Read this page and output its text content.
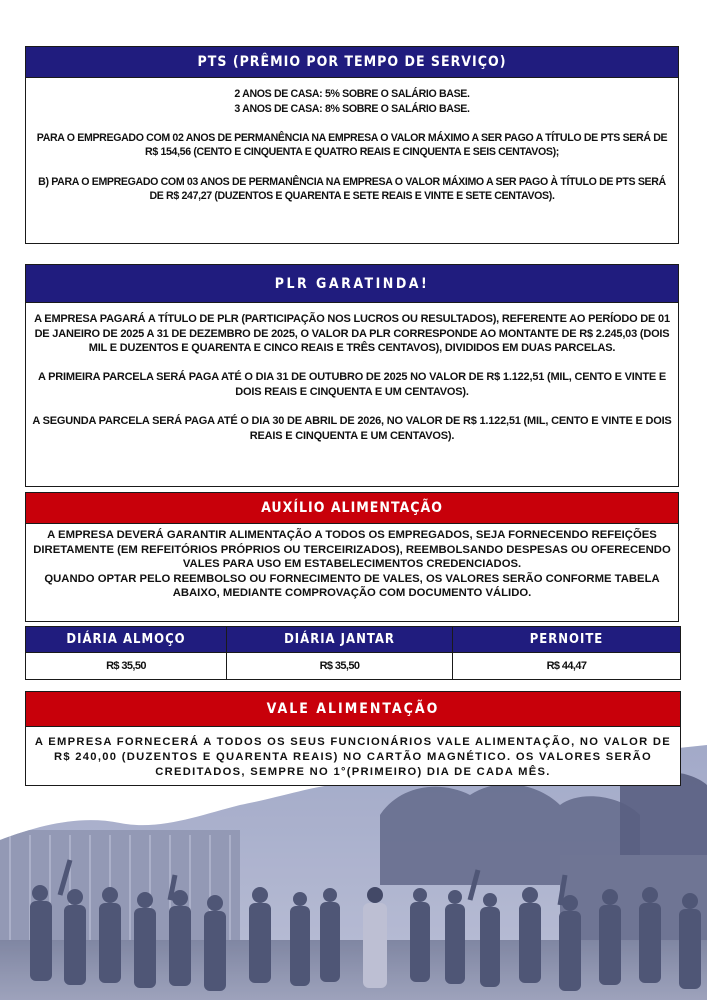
PTS (PRÊMIO POR TEMPO DE SERVIÇO)

2 ANOS DE CASA: 5% SOBRE O SALÁRIO BASE.

3 ANOS DE CASA: 8% SOBRE O SALÁRIO BASE.

PARA O EMPREGADO COM 02 ANOS DE PERMANÊNCIA NA EMPRESA O VALOR MÁXIMO A SER PAGO A TÍTULO DE PTS SERÁ DE R$ 154,56 (CENTO E CINQUENTA E QUATRO REAIS E CINQUENTA E SEIS CENTAVOS);

B) PARA O EMPREGADO COM 03 ANOS DE PERMANÊNCIA NA EMPRESA O VALOR MÁXIMO A SER PAGO À TÍTULO DE PTS SERÁ DE R$ 247,27 (DUZENTOS E QUARENTA E SETE REAIS E VINTE E SETE CENTAVOS).

PLR GARATINDA!

A EMPRESA PAGARÁ A TÍTULO DE PLR (PARTICIPAÇÃO NOS LUCROS OU RESULTADOS), REFERENTE AO PERÍODO DE 01 DE JANEIRO DE 2025 A 31 DE DEZEMBRO DE 2025, O VALOR DA PLR CORRESPONDE AO MONTANTE DE R$ 2.245,03 (DOIS MIL E DUZENTOS E QUARENTA E CINCO REAIS E TRÊS CENTAVOS), DIVIDIDOS EM DUAS PARCELAS.

A PRIMEIRA PARCELA SERÁ PAGA ATÉ O DIA 31 DE OUTUBRO DE 2025 NO VALOR DE R$ 1.122,51 (MIL, CENTO E VINTE E DOIS REAIS E CINQUENTA E UM CENTAVOS).

A SEGUNDA PARCELA SERÁ PAGA ATÉ O DIA 30 DE ABRIL DE 2026, NO VALOR DE R$ 1.122,51 (MIL, CENTO E VINTE E DOIS REAIS E CINQUENTA E UM CENTAVOS).

AUXÍLIO ALIMENTAÇÃO

A EMPRESA DEVERÁ GARANTIR ALIMENTAÇÃO A TODOS OS EMPREGADOS, SEJA FORNECENDO REFEIÇÕES DIRETAMENTE (EM REFEITÓRIOS PRÓPRIOS OU TERCEIRIZADOS), REEMBOLSANDO DESPESAS OU OFERECENDO VALES PARA USO EM ESTABELECIMENTOS CREDENCIADOS.

QUANDO OPTAR PELO REEMBOLSO OU FORNECIMENTO DE VALES, OS VALORES SERÃO CONFORME TABELA ABAIXO, MEDIANTE COMPROVAÇÃO COM DOCUMENTO VÁLIDO.

DIÁRIA ALMOÇO	DIÁRIA JANTAR	PERNOITE
R$ 35,50	R$ 35,50	R$ 44,47
VALE ALIMENTAÇÃO
A EMPRESA FORNECERÁ A TODOS OS SEUS FUNCIONÁRIOS VALE ALIMENTAÇÃO, NO VALOR DE R$ 240,00 (DUZENTOS E QUARENTA REAIS) NO CARTÃO MAGNÉTICO. OS VALORES SERÃO CREDITADOS, SEMPRE NO 1°(PRIMEIRO) DIA DE CADA MÊS.
